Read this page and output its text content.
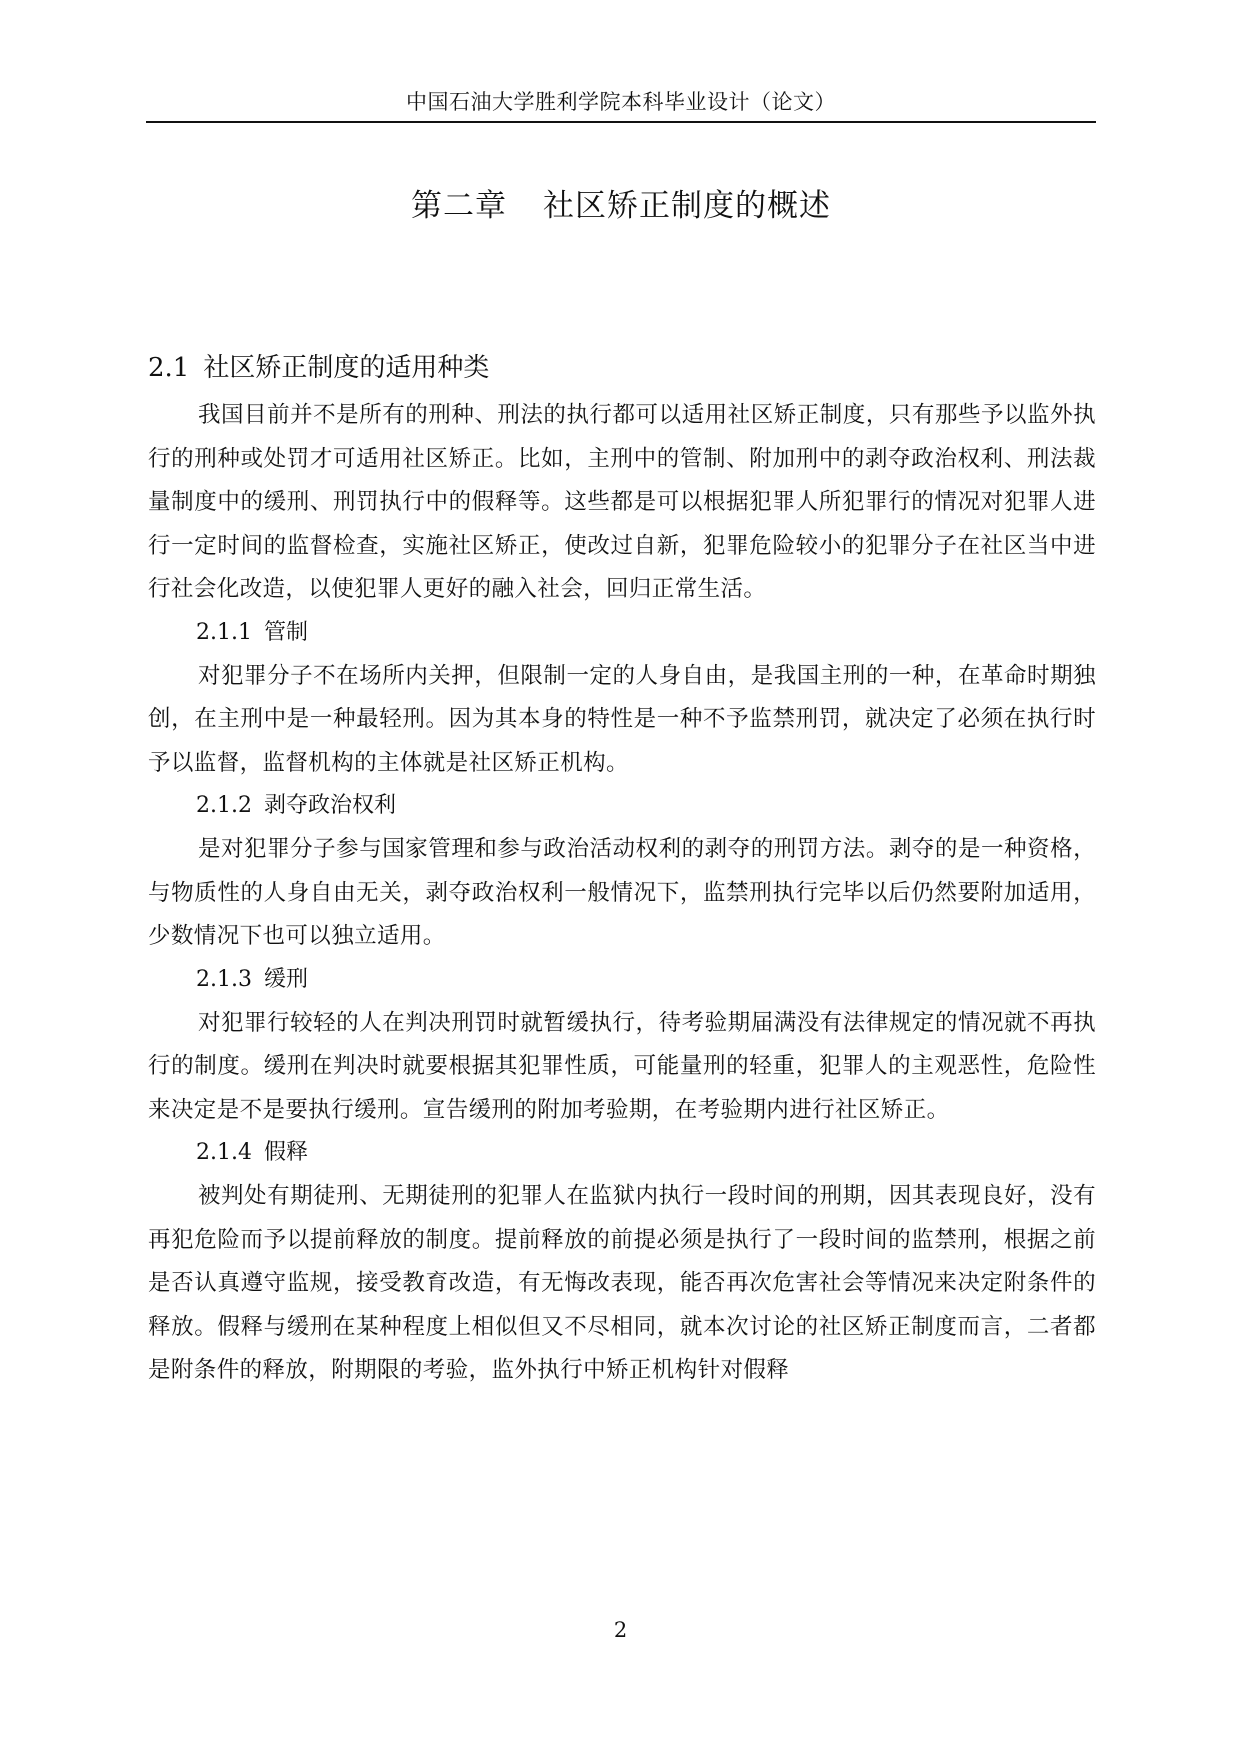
中国石油大学胜利学院本科毕业设计（论文）
第二章 社区矫正制度的概述
2.1 社区矫正制度的适用种类

我国目前并不是所有的刑种、刑法的执行都可以适用社区矫正制度，只有那些予以监外执行的刑种或处罚才可适用社区矫正。比如，主刑中的管制、附加刑中的剥夺政治权利、刑法裁量制度中的缓刑、刑罚执行中的假释等。这些都是可以根据犯罪人所犯罪行的情况对犯罪人进行一定时间的监督检查，实施社区矫正，使改过自新，犯罪危险较小的犯罪分子在社区当中进行社会化改造，以使犯罪人更好的融入社会，回归正常生活。

2.1.1 管制

对犯罪分子不在场所内关押，但限制一定的人身自由，是我国主刑的一种，在革命时期独创，在主刑中是一种最轻刑。因为其本身的特性是一种不予监禁刑罚，就决定了必须在执行时予以监督，监督机构的主体就是社区矫正机构。

2.1.2 剥夺政治权利

是对犯罪分子参与国家管理和参与政治活动权利的剥夺的刑罚方法。剥夺的是一种资格，与物质性的人身自由无关，剥夺政治权利一般情况下，监禁刑执行完毕以后仍然要附加适用，少数情况下也可以独立适用。

2.1.3 缓刑

对犯罪行较轻的人在判决刑罚时就暂缓执行，待考验期届满没有法律规定的情况就不再执行的制度。缓刑在判决时就要根据其犯罪性质，可能量刑的轻重，犯罪人的主观恶性，危险性来决定是不是要执行缓刑。宣告缓刑的附加考验期，在考验期内进行社区矫正。

2.1.4 假释

被判处有期徒刑、无期徒刑的犯罪人在监狱内执行一段时间的刑期，因其表现良好，没有再犯危险而予以提前释放的制度。提前释放的前提必须是执行了一段时间的监禁刑，根据之前是否认真遵守监规，接受教育改造，有无悔改表现，能否再次危害社会等情况来决定附条件的释放。假释与缓刑在某种程度上相似但又不尽相同，就本次讨论的社区矫正制度而言，二者都是附条件的释放，附期限的考验，监外执行中矫正机构针对假释

2
